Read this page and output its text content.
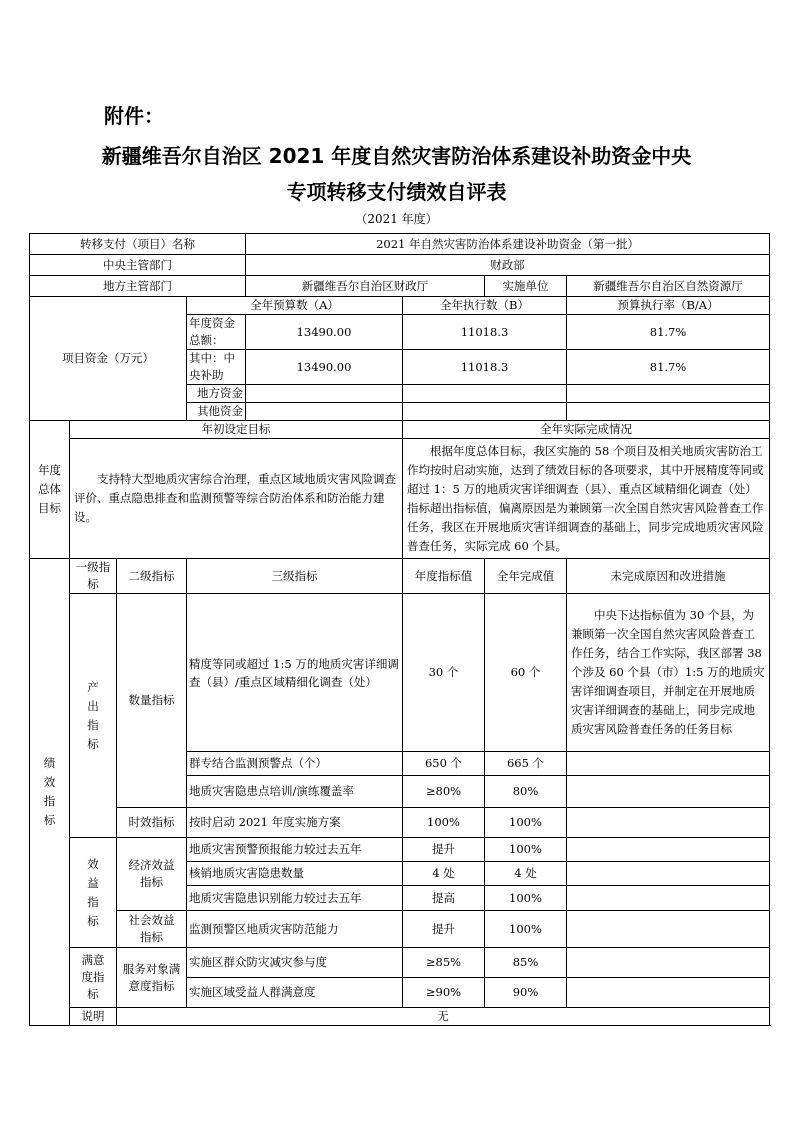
附件：
新疆维吾尔自治区 2021 年度自然灾害防治体系建设补助资金中央
专项转移支付绩效自评表
（2021 年度）
转移支付（项目）名称				2021 年自然灾害防治体系建设补助资金（第一批）			
中央主管部门				财政部			
地方主管部门				新疆维吾尔自治区财政厅		实施单位	新疆维吾尔自治区自然资源厅
项目资金（万元）			全年预算数（A）		全年执行数（B）		预算执行率（B/A）
			年度资金总额：	13490.00	11018.3		81.7%
			其中：中央补助	13490.00	11018.3		81.7%
			地方资金				
			其他资金				
年度总体目标	年初设定目标				全年实际完成情况		
	支持特大型地质灾害综合治理，重点区域地质灾害风险调查评价、重点隐患排查和监测预警等综合防治体系和防治能力建设。				根据年度总体目标，我区实施的 58 个项目及相关地质灾害防治工作均按时启动实施，达到了绩效目标的各项要求，其中开展精度等同或超过 1：5 万的地质灾害详细调查（县）、重点区域精细化调查（处）指标超出指标值，偏离原因是为兼顾第一次全国自然灾害风险普查工作任务，我区在开展地质灾害详细调查的基础上，同步完成地质灾害风险普查任务，实际完成 60 个县。		
绩效指标	一级指标	二级指标	三级指标		年度指标值	全年完成值	未完成原因和改进措施
	产出指标	数量指标	精度等同或超过 1:5 万的地质灾害详细调查（县）/重点区域精细化调查（处）		30 个	60 个	中央下达指标值为 30 个县，为兼顾第一次全国自然灾害风险普查工作任务，结合工作实际，我区部署 38 个涉及 60 个县（市）1:5 万的地质灾害详细调查项目，并制定在开展地质灾害详细调查的基础上，同步完成地质灾害风险普查任务的任务目标
			群专结合监测预警点（个）		650 个	665 个	
			地质灾害隐患点培训/演练覆盖率		≥80%	80%	
		时效指标	按时启动 2021 年度实施方案		100%	100%	
	效益指标	经济效益指标	地质灾害预警预报能力较过去五年		提升	100%	
			核销地质灾害隐患数量		4 处	4 处	
			地质灾害隐患识别能力较过去五年		提高	100%	
		社会效益指标	监测预警区地质灾害防范能力		提升	100%	
	满意度指标	服务对象满意度指标	实施区群众防灾减灾参与度		≥85%	85%	
			实施区域受益人群满意度		≥90%	90%	
	说明	无					
